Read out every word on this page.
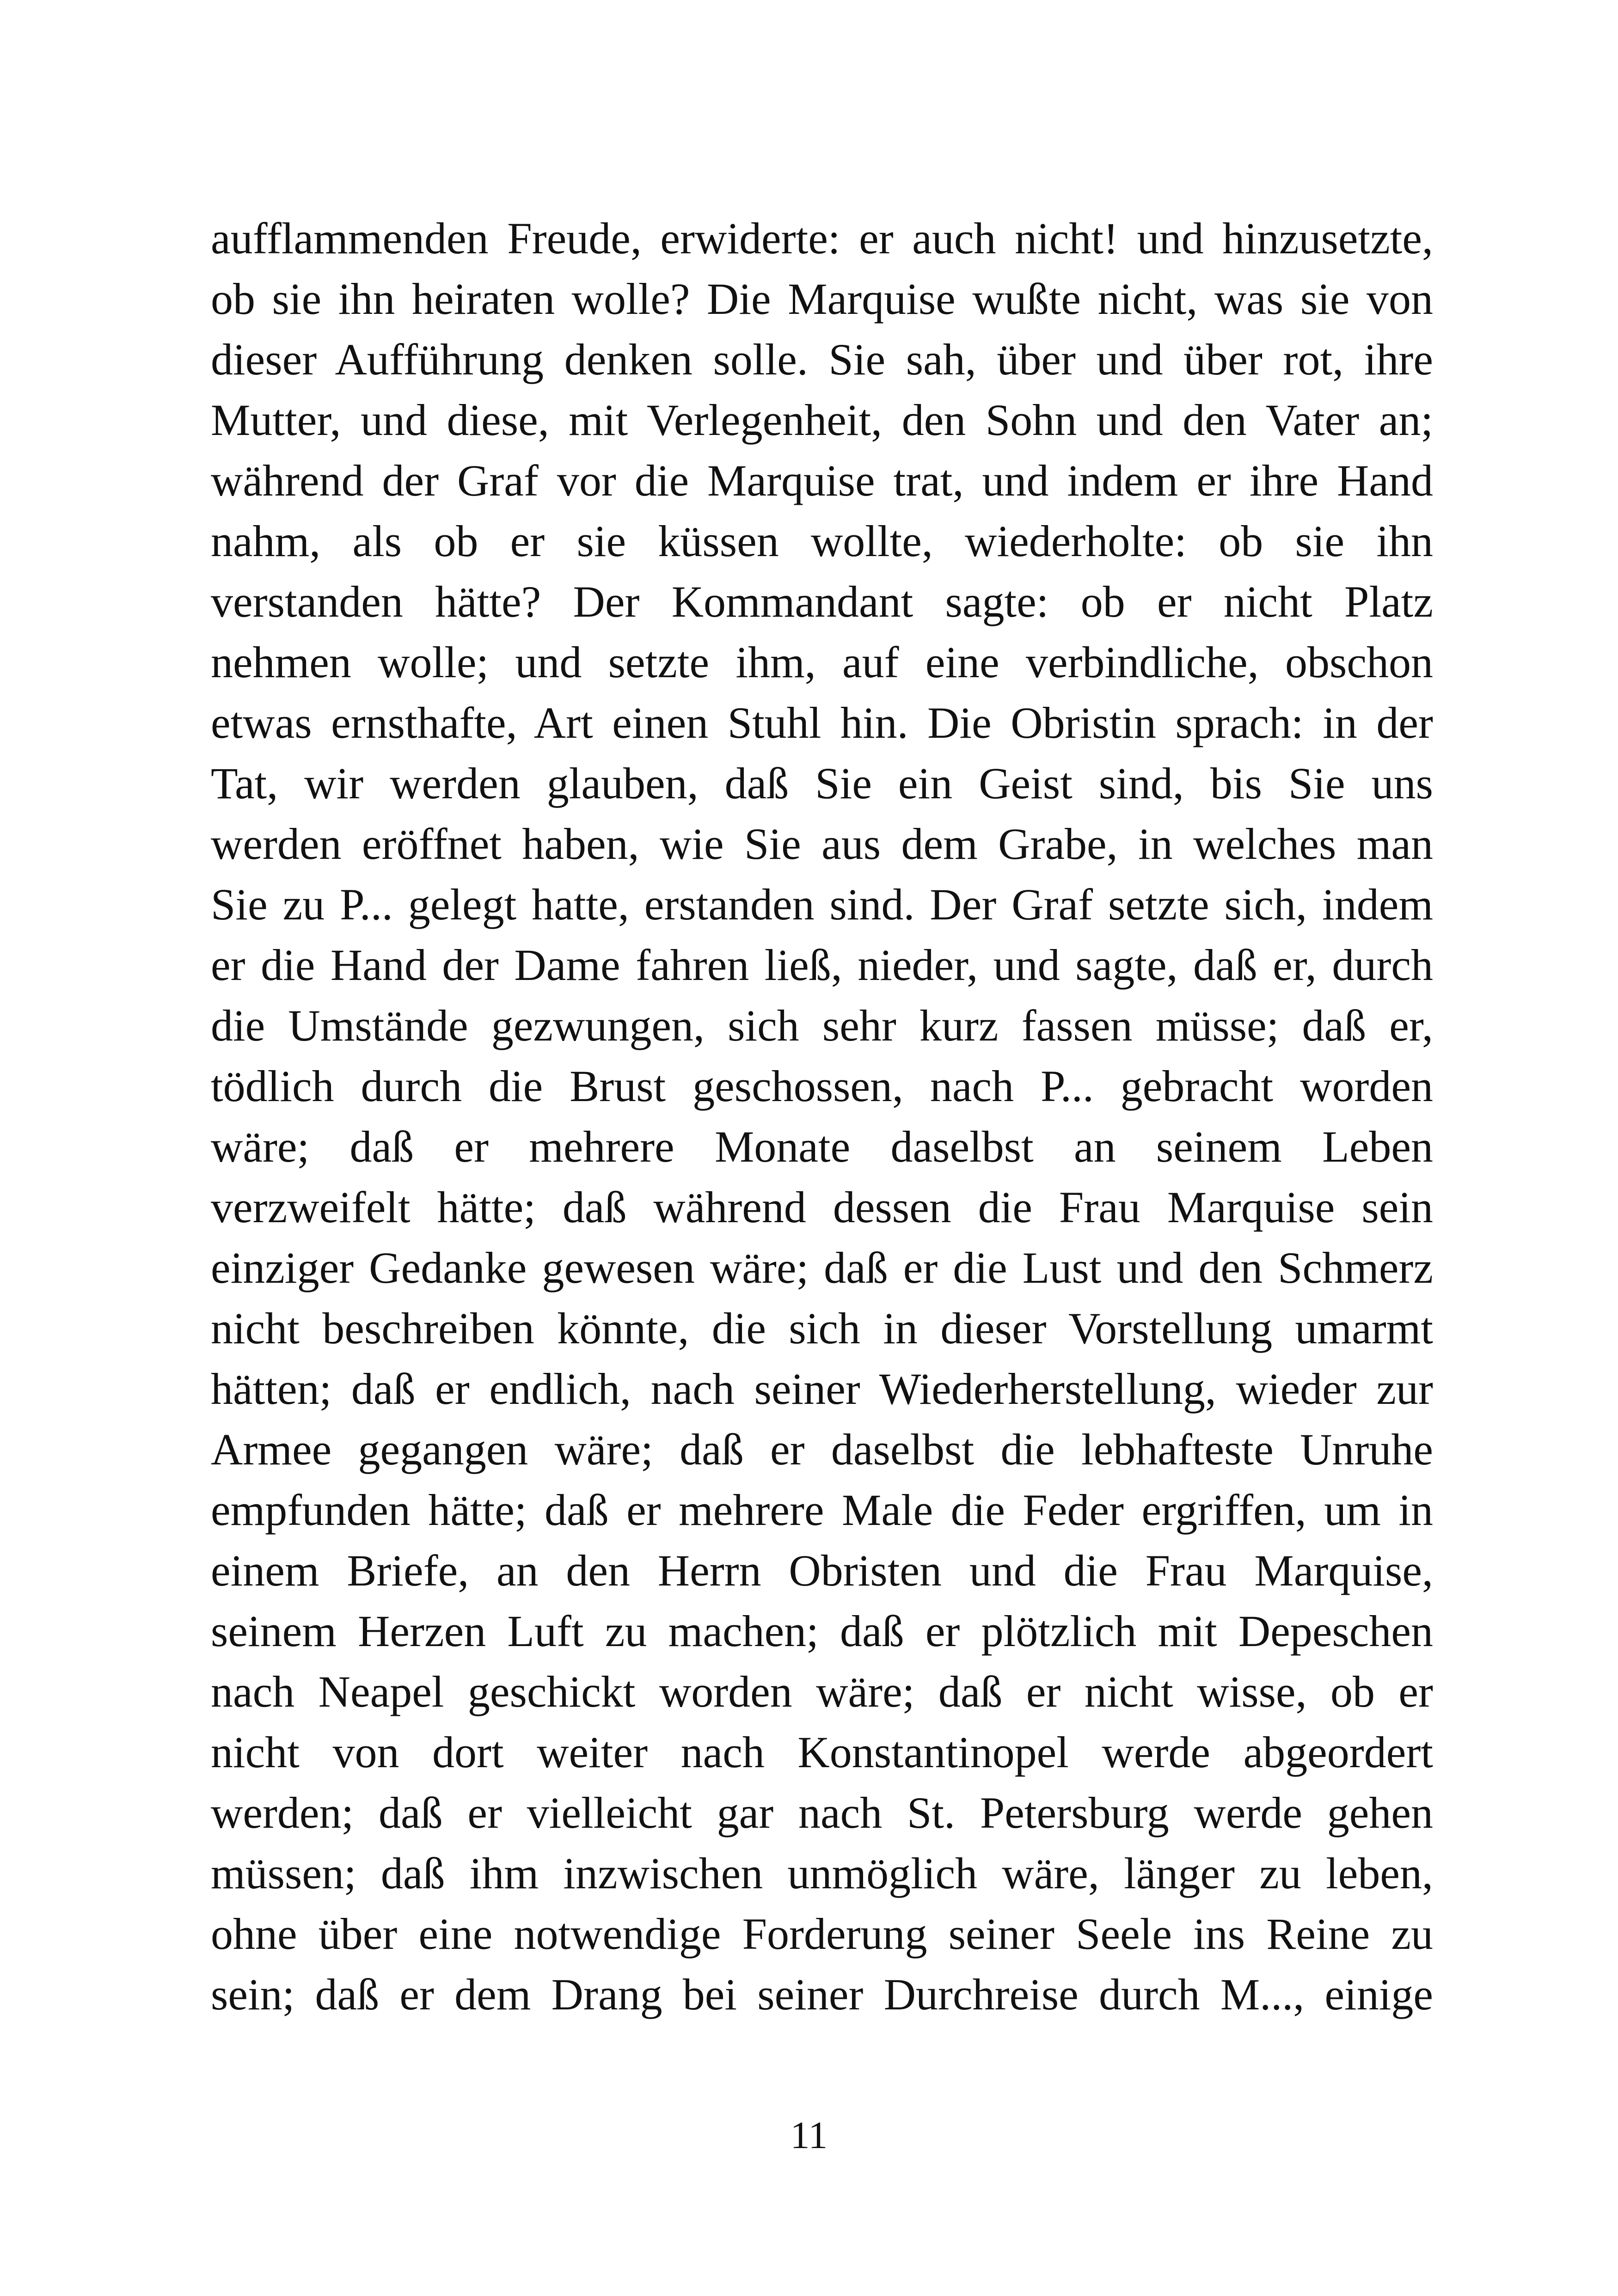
aufflammenden Freude, erwiderte: er auch nicht! und hinzusetzte,
ob sie ihn heiraten wolle? Die Marquise wußte nicht, was sie von
dieser Aufführung denken solle. Sie sah, über und über rot, ihre
Mutter, und diese, mit Verlegenheit, den Sohn und den Vater an;
während der Graf vor die Marquise trat, und indem er ihre Hand
nahm, als ob er sie küssen wollte, wiederholte: ob sie ihn
verstanden hätte? Der Kommandant sagte: ob er nicht Platz
nehmen wolle; und setzte ihm, auf eine verbindliche, obschon
etwas ernsthafte, Art einen Stuhl hin. Die Obristin sprach: in der
Tat, wir werden glauben, daß Sie ein Geist sind, bis Sie uns
werden eröffnet haben, wie Sie aus dem Grabe, in welches man
Sie zu P... gelegt hatte, erstanden sind. Der Graf setzte sich, indem
er die Hand der Dame fahren ließ, nieder, und sagte, daß er, durch
die Umstände gezwungen, sich sehr kurz fassen müsse; daß er,
tödlich durch die Brust geschossen, nach P... gebracht worden
wäre; daß er mehrere Monate daselbst an seinem Leben
verzweifelt hätte; daß während dessen die Frau Marquise sein
einziger Gedanke gewesen wäre; daß er die Lust und den Schmerz
nicht beschreiben könnte, die sich in dieser Vorstellung umarmt
hätten; daß er endlich, nach seiner Wiederherstellung, wieder zur
Armee gegangen wäre; daß er daselbst die lebhafteste Unruhe
empfunden hätte; daß er mehrere Male die Feder ergriffen, um in
einem Briefe, an den Herrn Obristen und die Frau Marquise,
seinem Herzen Luft zu machen; daß er plötzlich mit Depeschen
nach Neapel geschickt worden wäre; daß er nicht wisse, ob er
nicht von dort weiter nach Konstantinopel werde abgeordert
werden; daß er vielleicht gar nach St. Petersburg werde gehen
müssen; daß ihm inzwischen unmöglich wäre, länger zu leben,
ohne über eine notwendige Forderung seiner Seele ins Reine zu
sein; daß er dem Drang bei seiner Durchreise durch M..., einige
11
